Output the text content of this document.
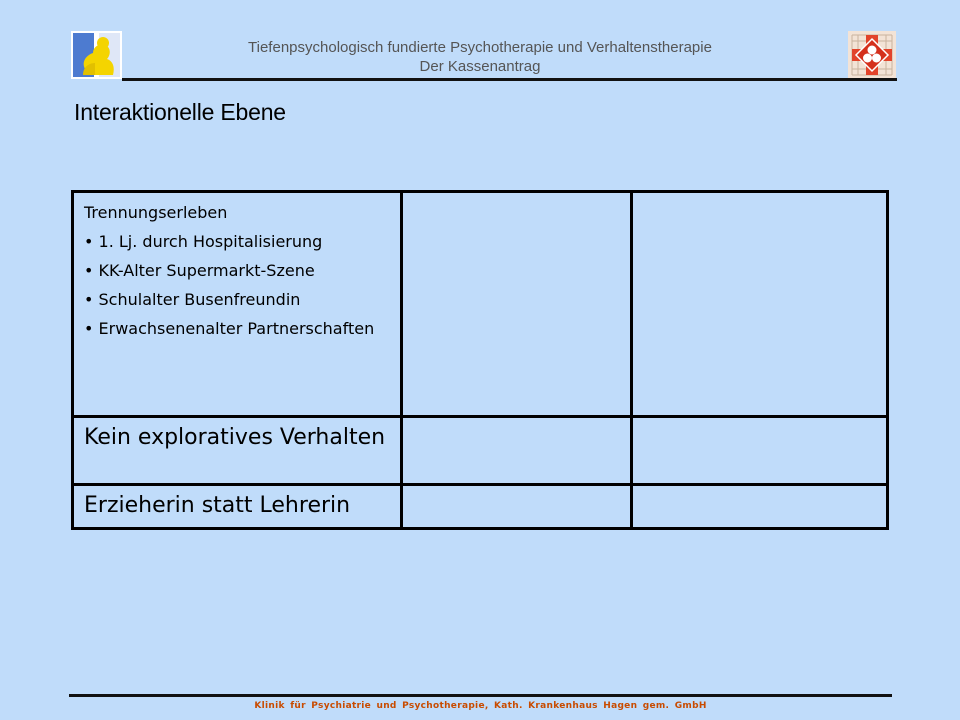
Tiefenpsychologisch fundierte Psychotherapie und Verhaltenstherapie
Der Kassenantrag
Interaktionelle Ebene
Trennungserleben
• 1. Lj. durch Hospitalisierung
• KK-Alter Supermarkt-Szene
• Schulalter Busenfreundin
• Erwachsenenalter Partnerschaften		

Kein exploratives Verhalten		

Erzieherin statt Lehrerin		

Klinik für Psychiatrie und Psychotherapie, Kath. Krankenhaus Hagen gem. GmbH
